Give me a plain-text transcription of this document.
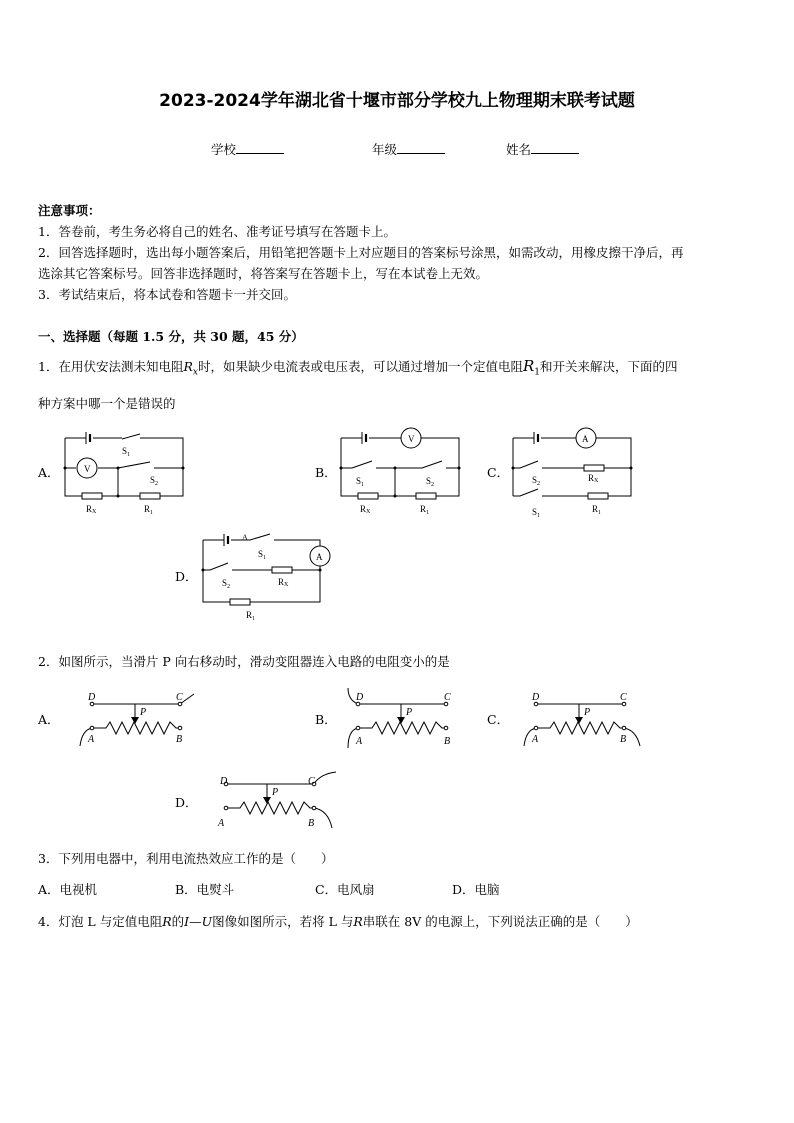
2023-2024学年湖北省十堰市部分学校九上物理期末联考试题
学校	年级	姓名
注意事项：
1．答卷前，考生务必将自己的姓名、准考证号填写在答题卡上。
2．回答选择题时，选出每小题答案后，用铅笔把答题卡上对应题目的答案标号涂黑，如需改动，用橡皮擦干净后，再
选涂其它答案标号。回答非选择题时，将答案写在答题卡上，写在本试卷上无效。
3．考试结束后，将本试卷和答题卡一并交回。
一、选择题（每题 1.5 分，共 30 题，45 分）
1．在用伏安法测未知电阻$R_x$时，如果缺少电流表或电压表，可以通过增加一个定值电阻$R_1$和开关来解决，下面的四
种方案中哪一个是错误的
A．	B．	C．
D．
V
$S_1$
$S_2$
RX	$R_1$
V
$S_1$	$S_2$
RX	$R_1$
A
$S_2$
RX
$S_1$
$R_1$
A
A
$S_1$
$S_2$	RX
$R_1$
2．如图所示，当滑片 P 向右移动时，滑动变阻器连入电路的电阻变小的是
A．	B．	C．
D．
D	C
A	B
P
D	C
A	B
P
D	C
A	B
P
D	C
A	B
P
3．下列用电器中，利用电流热效应工作的是（　　）
A．电视机	B．电熨斗	C．电风扇	D．电脑
4．灯泡 L 与定值电阻R的I—U图像如图所示，若将 L 与R串联在 8V 的电源上，下列说法正确的是（　　）
